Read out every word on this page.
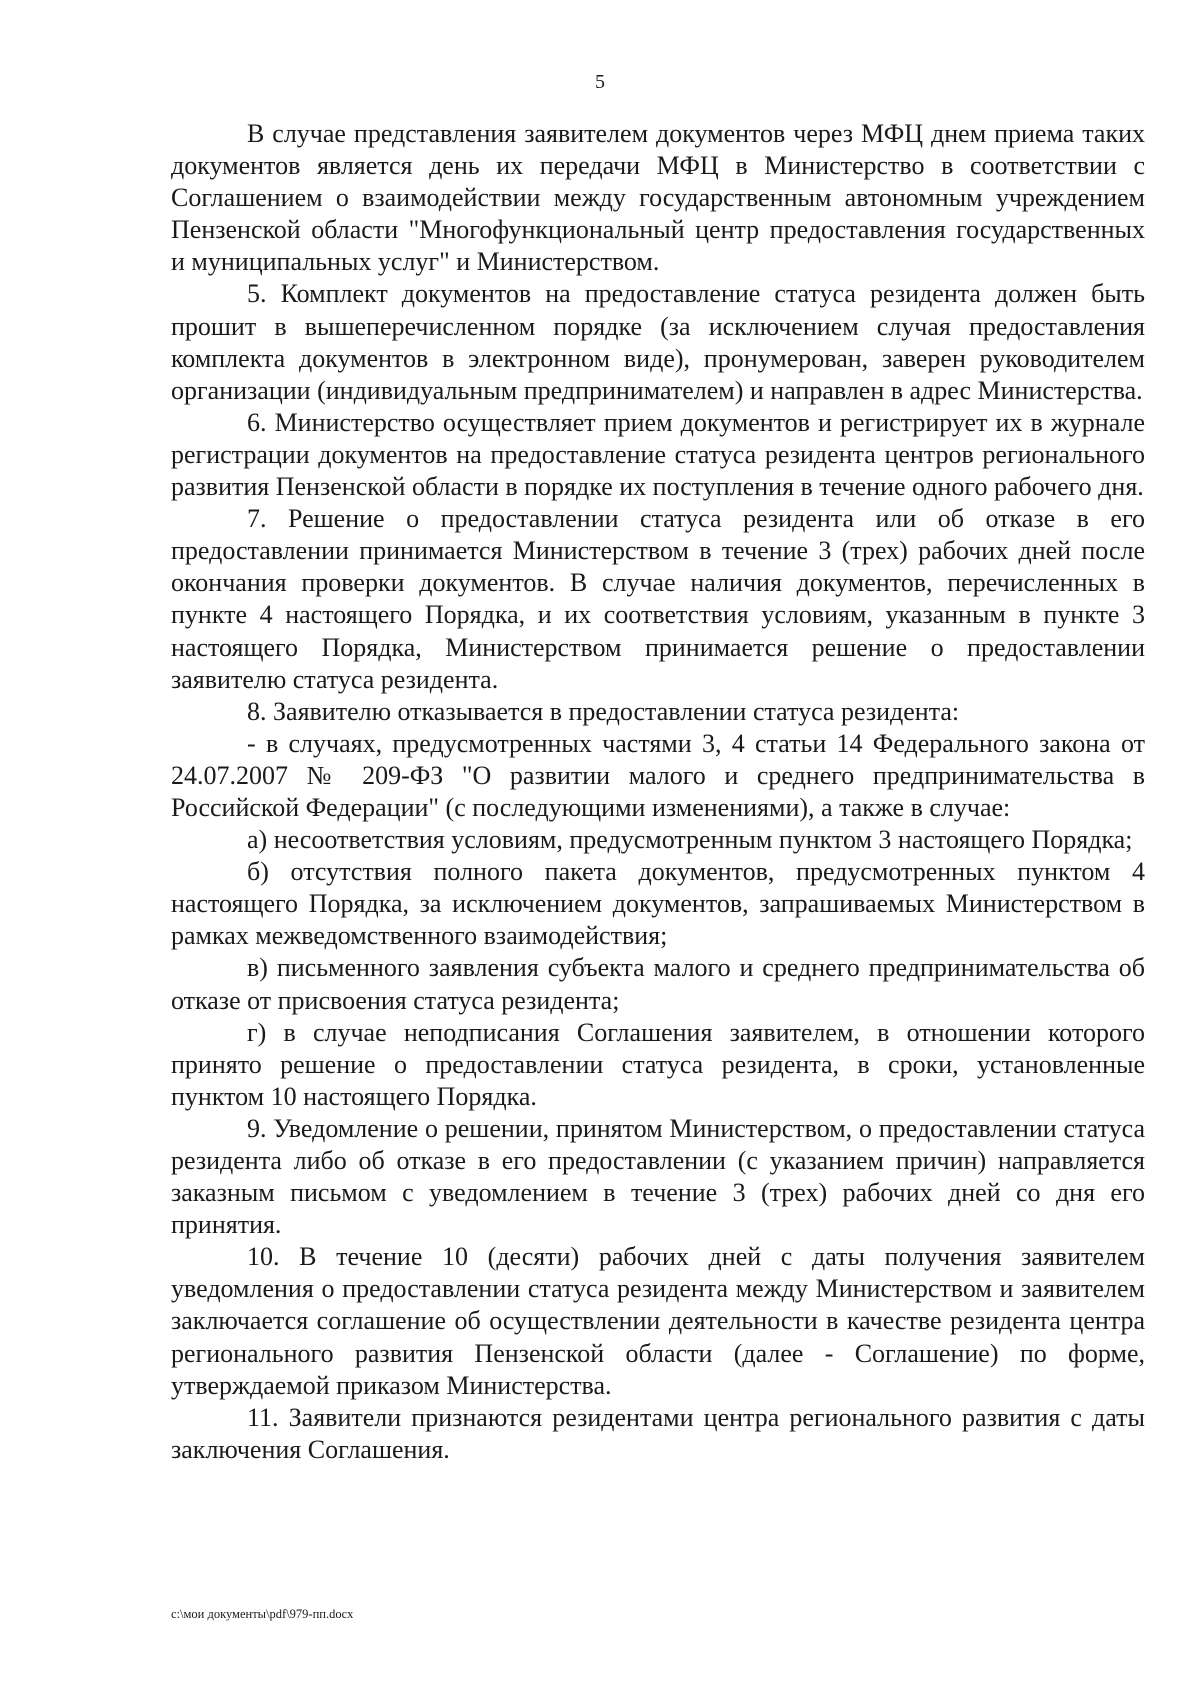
5

В случае представления заявителем документов через МФЦ днем приема таких документов является день их передачи МФЦ в Министерство в соответствии с Соглашением о взаимодействии между государственным автономным учреждением Пензенской области "Многофункциональный центр предоставления государственных и муниципальных услуг" и Министерством.

5. Комплект документов на предоставление статуса резидента должен быть прошит в вышеперечисленном порядке (за исключением случая предоставления комплекта документов в электронном виде), пронумерован, заверен руководителем организации (индивидуальным предпринимателем) и направлен в адрес Министерства.

6. Министерство осуществляет прием документов и регистрирует их в журнале регистрации документов на предоставление статуса резидента центров регионального развития Пензенской области в порядке их поступления в течение одного рабочего дня.

7. Решение о предоставлении статуса резидента или об отказе в его предоставлении принимается Министерством в течение 3 (трех) рабочих дней после окончания проверки документов. В случае наличия документов, перечисленных в пункте 4 настоящего Порядка, и их соответствия условиям, указанным в пункте 3 настоящего Порядка, Министерством принимается решение о предоставлении заявителю статуса резидента.

8. Заявителю отказывается в предоставлении статуса резидента:

- в случаях, предусмотренных частями 3, 4 статьи 14 Федерального закона от 24.07.2007 № 209-ФЗ "О развитии малого и среднего предпринимательства в Российской Федерации" (с последующими изменениями), а также в случае:

а) несоответствия условиям, предусмотренным пунктом 3 настоящего Порядка;

б) отсутствия полного пакета документов, предусмотренных пунктом 4 настоящего Порядка, за исключением документов, запрашиваемых Министерством в рамках межведомственного взаимодействия;

в) письменного заявления субъекта малого и среднего предпринимательства об отказе от присвоения статуса резидента;

г) в случае неподписания Соглашения заявителем, в отношении которого принято решение о предоставлении статуса резидента, в сроки, установленные пунктом 10 настоящего Порядка.

9. Уведомление о решении, принятом Министерством, о предоставлении статуса резидента либо об отказе в его предоставлении (с указанием причин) направляется заказным письмом с уведомлением в течение 3 (трех) рабочих дней со дня его принятия.

10. В течение 10 (десяти) рабочих дней с даты получения заявителем уведомления о предоставлении статуса резидента между Министерством и заявителем заключается соглашение об осуществлении деятельности в качестве резидента центра регионального развития Пензенской области (далее - Соглашение) по форме, утверждаемой приказом Министерства.

11. Заявители признаются резидентами центра регионального развития с даты заключения Соглашения.

c:\мои документы\pdf\979-пп.docx
